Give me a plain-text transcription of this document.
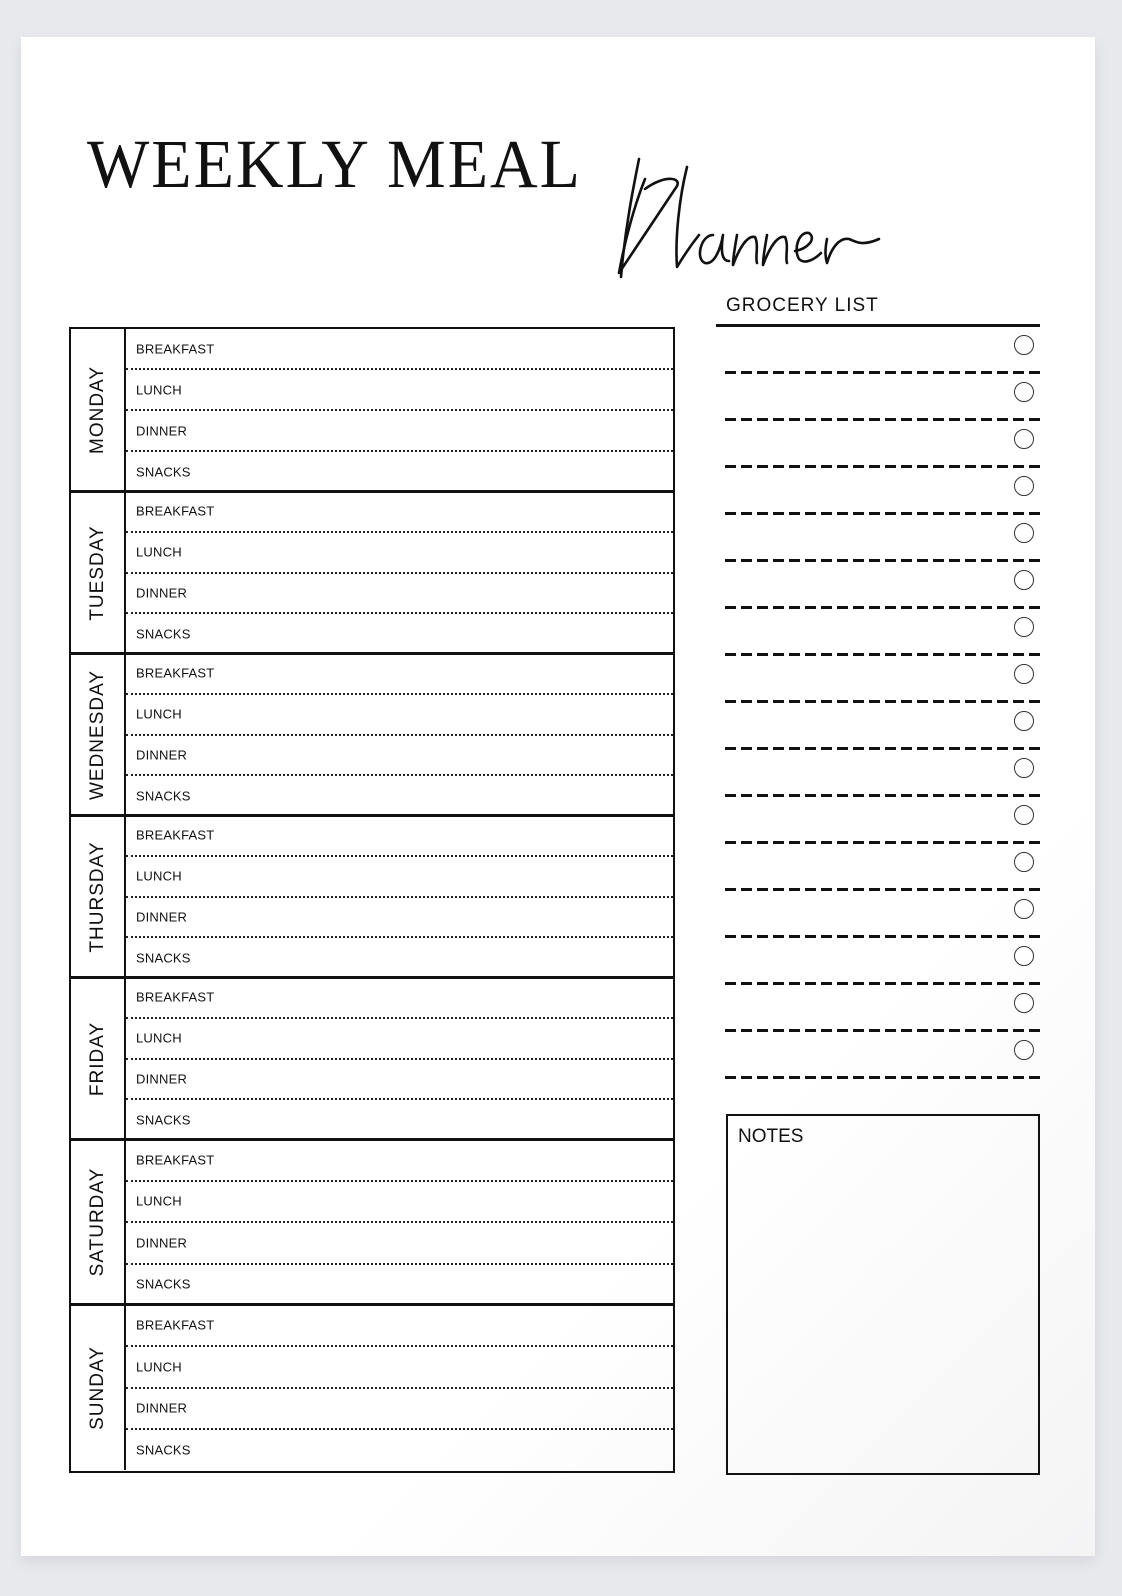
WEEKLY MEAL
MONDAY
BREAKFAST
LUNCH
DINNER
SNACKS
TUESDAY
BREAKFAST
LUNCH
DINNER
SNACKS
WEDNESDAY BREAKFAST
LUNCH
DINNER
SNACKS
THURSDAY
BREAKFAST
LUNCH
DINNER
SNACKS
FRIDAY
BREAKFAST
LUNCH
DINNER
SNACKS
SATURDAY
BREAKFAST
LUNCH
DINNER
SNACKS
SUNDAY
BREAKFAST
LUNCH
DINNER
SNACKS
GROCERY LIST
NOTES
